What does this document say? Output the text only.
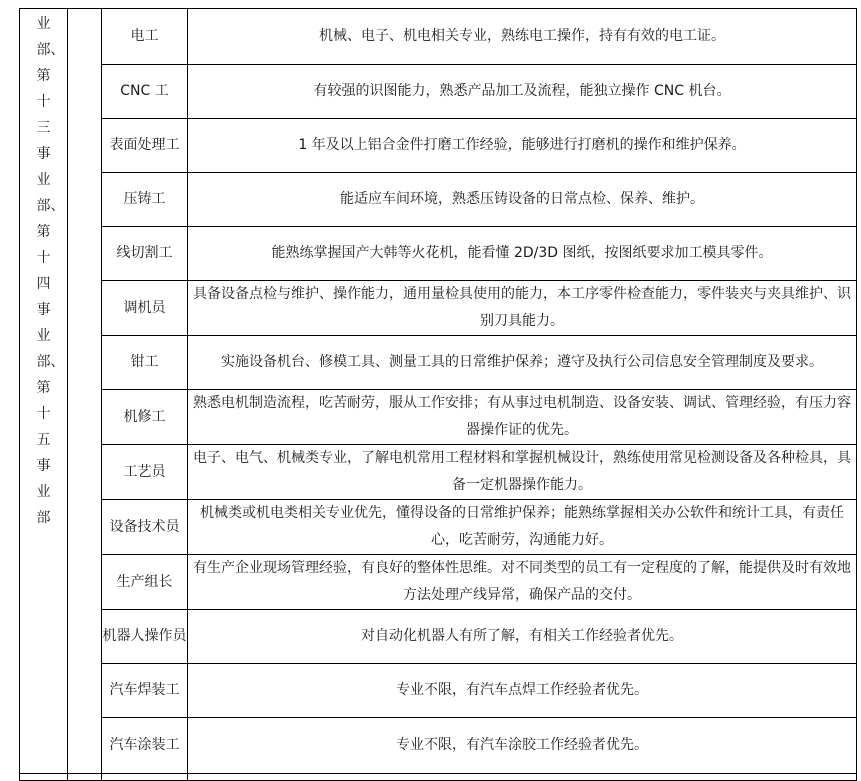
业部、第十三事业部、第十四事业部、第十五事业部		电工	机械、电子、机电相关专业，熟练电工操作，持有有效的电工证。
		CNC 工	有较强的识图能力，熟悉产品加工及流程，能独立操作 CNC 机台。
		表面处理工	1 年及以上铝合金件打磨工作经验，能够进行打磨机的操作和维护保养。
		压铸工	能适应车间环境，熟悉压铸设备的日常点检、保养、维护。
		线切割工	能熟练掌握国产大韩等火花机，能看懂 2D/3D 图纸，按图纸要求加工模具零件。
		调机员	具备设备点检与维护、操作能力，通用量检具使用的能力，本工序零件检查能力，零件装夹与夹具维护、识别刀具能力。
		钳工	实施设备机台、修模工具、测量工具的日常维护保养；遵守及执行公司信息安全管理制度及要求。
		机修工	熟悉电机制造流程，吃苦耐劳，服从工作安排；有从事过电机制造、设备安装、调试、管理经验，有压力容器操作证的优先。
		工艺员	电子、电气、机械类专业，了解电机常用工程材料和掌握机械设计，熟练使用常见检测设备及各种检具，具备一定机器操作能力。
		设备技术员	机械类或机电类相关专业优先，懂得设备的日常维护保养；能熟练掌握相关办公软件和统计工具，有责任心，吃苦耐劳，沟通能力好。
		生产组长	有生产企业现场管理经验，有良好的整体性思维。对不同类型的员工有一定程度的了解，能提供及时有效地方法处理产线异常，确保产品的交付。
		机器人操作员	对自动化机器人有所了解，有相关工作经验者优先。
		汽车焊装工	专业不限，有汽车点焊工作经验者优先。
		汽车涂装工	专业不限，有汽车涂胶工作经验者优先。
